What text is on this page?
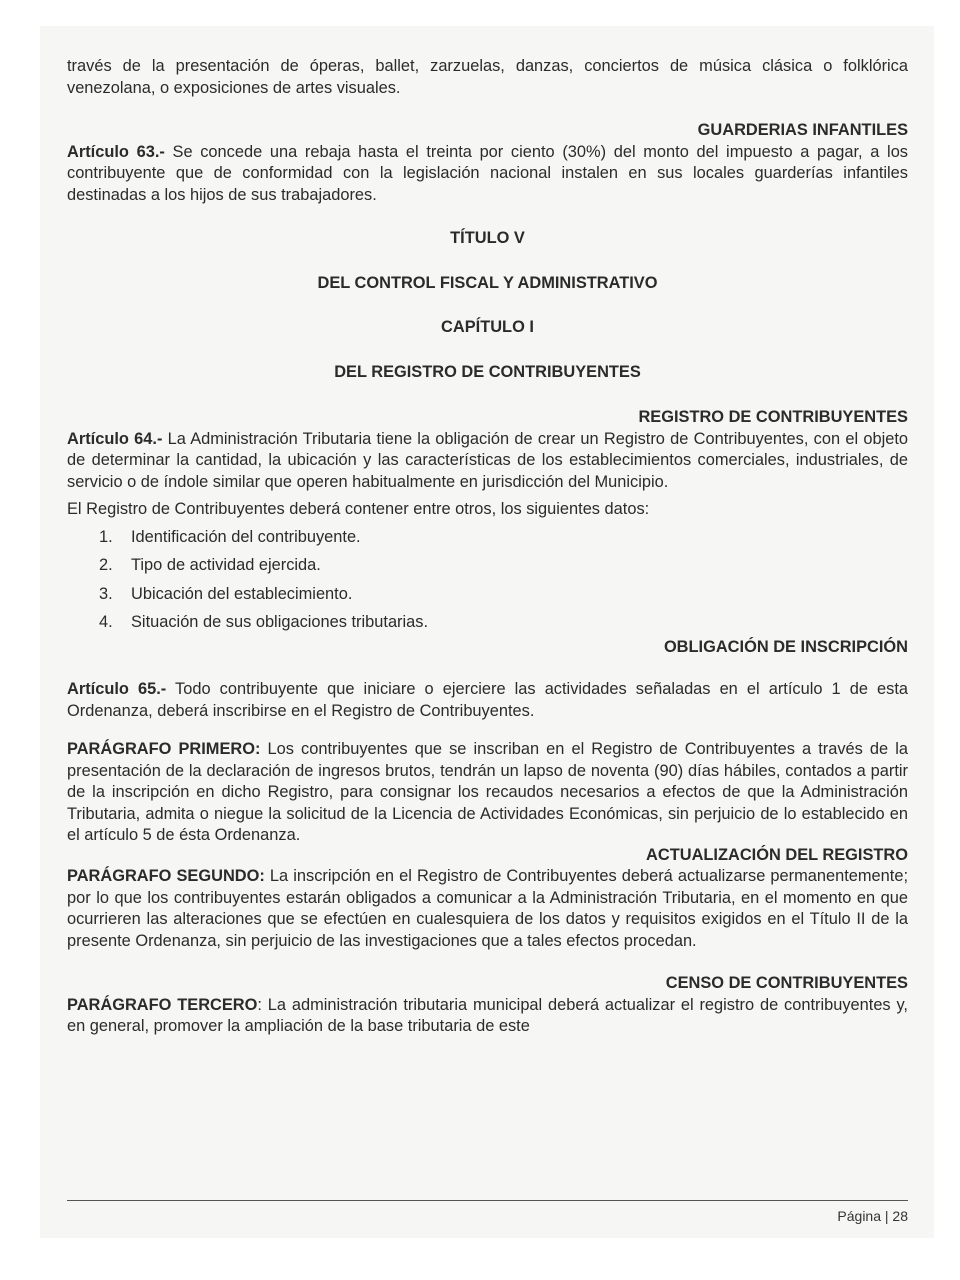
través de la presentación de óperas, ballet, zarzuelas, danzas, conciertos de música clásica o folklórica venezolana, o exposiciones de artes visuales.

GUARDERIAS INFANTILES

Artículo 63.- Se concede una rebaja hasta el treinta por ciento (30%) del monto del impuesto a pagar, a los contribuyente que de conformidad con la legislación nacional instalen en sus locales guarderías infantiles destinadas a los hijos de sus trabajadores.

TÍTULO V
DEL CONTROL FISCAL Y ADMINISTRATIVO
CAPÍTULO I
DEL REGISTRO DE CONTRIBUYENTES
REGISTRO DE CONTRIBUYENTES

Artículo 64.- La Administración Tributaria tiene la obligación de crear un Registro de Contribuyentes, con el objeto de determinar la cantidad, la ubicación y las características de los establecimientos comerciales, industriales, de servicio o de índole similar que operen habitualmente en jurisdicción del Municipio.

El Registro de Contribuyentes deberá contener entre otros, los siguientes datos:

1.	Identificación del contribuyente.
2.	Tipo de actividad ejercida.
3.	Ubicación del establecimiento.
4.	Situación de sus obligaciones tributarias.
OBLIGACIÓN DE INSCRIPCIÓN

Artículo 65.- Todo contribuyente que iniciare o ejerciere las actividades señaladas en el artículo 1 de esta Ordenanza, deberá inscribirse en el Registro de Contribuyentes.

PARÁGRAFO PRIMERO: Los contribuyentes que se inscriban en el Registro de Contribuyentes a través de la presentación de la declaración de ingresos brutos, tendrán un lapso de noventa (90) días hábiles, contados a partir de la inscripción en dicho Registro, para consignar los recaudos necesarios a efectos de que la Administración Tributaria, admita o niegue la solicitud de la Licencia de Actividades Económicas, sin perjuicio de lo establecido en el artículo 5 de ésta Ordenanza.

ACTUALIZACIÓN DEL REGISTRO

PARÁGRAFO SEGUNDO: La inscripción en el Registro de Contribuyentes deberá actualizarse permanentemente; por lo que los contribuyentes estarán obligados a comunicar a la Administración Tributaria, en el momento en que ocurrieren las alteraciones que se efectúen en cualesquiera de los datos y requisitos exigidos en el Título II de la presente Ordenanza, sin perjuicio de las investigaciones que a tales efectos procedan.

CENSO DE CONTRIBUYENTES

PARÁGRAFO TERCERO: La administración tributaria municipal deberá actualizar el registro de contribuyentes y, en general, promover la ampliación de la base tributaria de este

Página | 28
